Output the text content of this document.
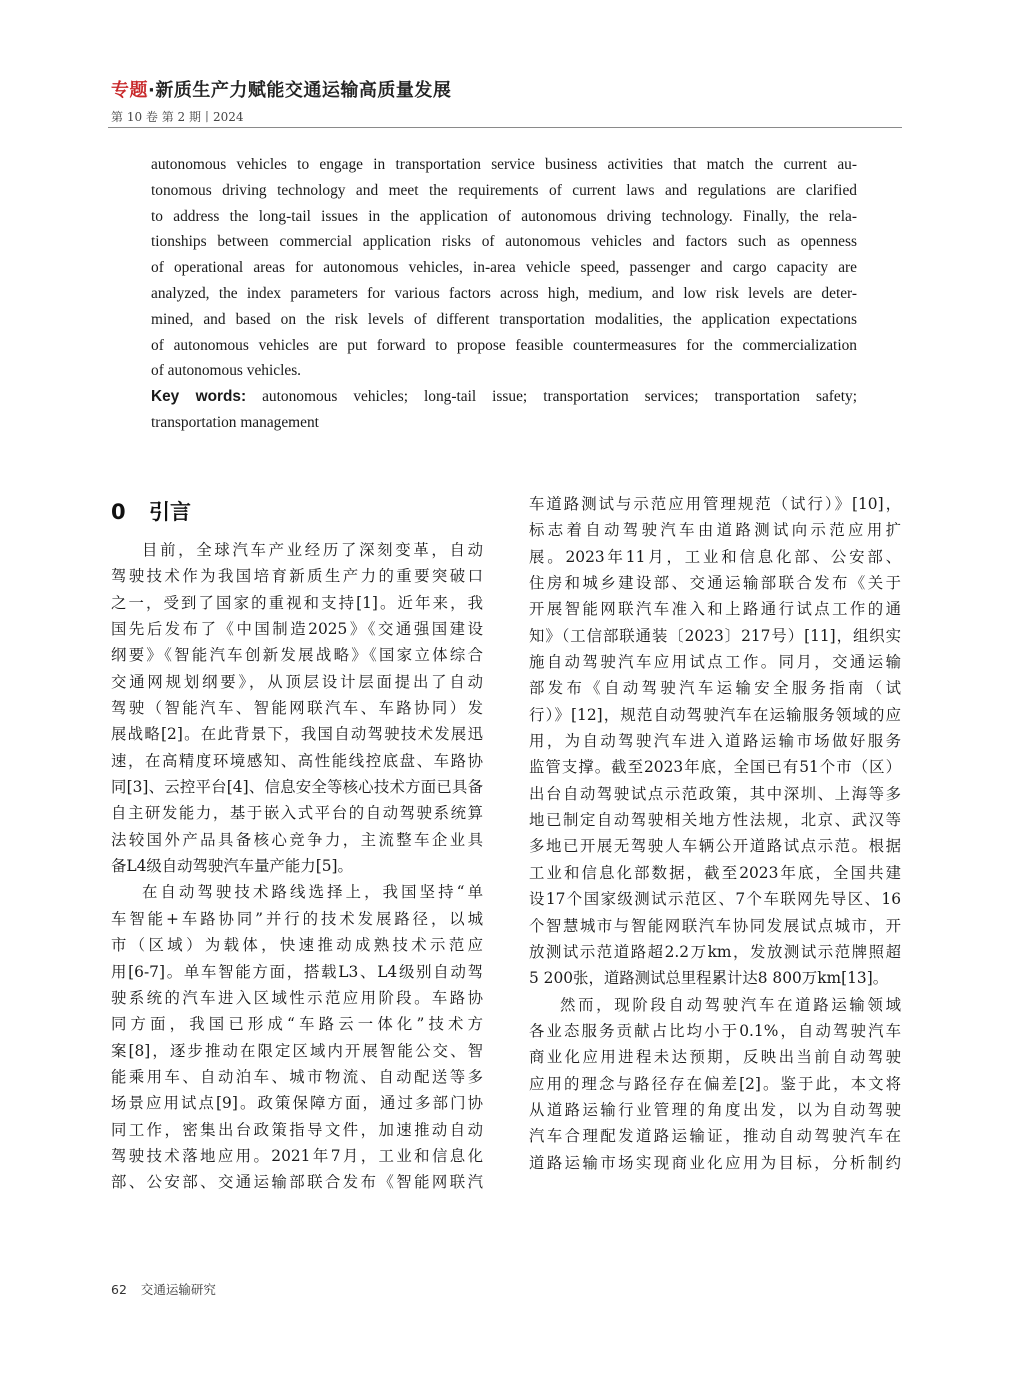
专题·新质生产力赋能交通运输高质量发展
第 10 卷 第 2 期丨2024
autonomous vehicles to engage in transportation service business activities that match the current au-
tonomous driving technology and meet the requirements of current laws and regulations are clarified
to address the long-tail issues in the application of autonomous driving technology. Finally, the rela-
tionships between commercial application risks of autonomous vehicles and factors such as openness
of operational areas for autonomous vehicles, in-area vehicle speed, passenger and cargo capacity are
analyzed, the index parameters for various factors across high, medium, and low risk levels are deter-
mined, and based on the risk levels of different transportation modalities, the application expectations
of autonomous vehicles are put forward to propose feasible countermeasures for the commercialization
of autonomous vehicles.
Key words: autonomous vehicles; long-tail issue; transportation services; transportation safety;
transportation management
0 引言
目前，全球汽车产业经历了深刻变革，自动
驾驶技术作为我国培育新质生产力的重要突破口
之一，受到了国家的重视和支持[1]。近年来，我
国先后发布了《中国制造2025》《交通强国建设
纲要》《智能汽车创新发展战略》《国家立体综合
交通网规划纲要》，从顶层设计层面提出了自动
驾驶（智能汽车、智能网联汽车、车路协同）发
展战略[2]。在此背景下，我国自动驾驶技术发展迅
速，在高精度环境感知、高性能线控底盘、车路协
同[3]、云控平台[4]、信息安全等核心技术方面已具备
自主研发能力，基于嵌入式平台的自动驾驶系统算
法较国外产品具备核心竞争力，主流整车企业具
备L4级自动驾驶汽车量产能力[5]。
在自动驾驶技术路线选择上，我国坚持“单
车智能+车路协同”并行的技术发展路径，以城
市（区域）为载体，快速推动成熟技术示范应
用[6-7]。单车智能方面，搭载L3、L4级别自动驾
驶系统的汽车进入区域性示范应用阶段。车路协
同方面，我国已形成“车路云一体化”技术方
案[8]，逐步推动在限定区域内开展智能公交、智
能乘用车、自动泊车、城市物流、自动配送等多
场景应用试点[9]。政策保障方面，通过多部门协
同工作，密集出台政策指导文件，加速推动自动
驾驶技术落地应用。2021年7月，工业和信息化
部、公安部、交通运输部联合发布《智能网联汽
车道路测试与示范应用管理规范（试行）》[10]，
标志着自动驾驶汽车由道路测试向示范应用扩
展。2023年11月，工业和信息化部、公安部、
住房和城乡建设部、交通运输部联合发布《关于
开展智能网联汽车准入和上路通行试点工作的通
知》（工信部联通装〔2023〕217号）[11]，组织实
施自动驾驶汽车应用试点工作。同月，交通运输
部发布《自动驾驶汽车运输安全服务指南（试
行）》[12]，规范自动驾驶汽车在运输服务领域的应
用，为自动驾驶汽车进入道路运输市场做好服务
监管支撑。截至2023年底，全国已有51个市（区）
出台自动驾驶试点示范政策，其中深圳、上海等多
地已制定自动驾驶相关地方性法规，北京、武汉等
多地已开展无驾驶人车辆公开道路试点示范。根据
工业和信息化部数据，截至2023年底，全国共建
设17个国家级测试示范区、7个车联网先导区、16
个智慧城市与智能网联汽车协同发展试点城市，开
放测试示范道路超2.2万km，发放测试示范牌照超
5 200张，道路测试总里程累计达8 800万km[13]。
然而，现阶段自动驾驶汽车在道路运输领域
各业态服务贡献占比均小于0.1%，自动驾驶汽车
商业化应用进程未达预期，反映出当前自动驾驶
应用的理念与路径存在偏差[2]。鉴于此，本文将
从道路运输行业管理的角度出发，以为自动驾驶
汽车合理配发道路运输证，推动自动驾驶汽车在
道路运输市场实现商业化应用为目标，分析制约
62 交通运输研究
